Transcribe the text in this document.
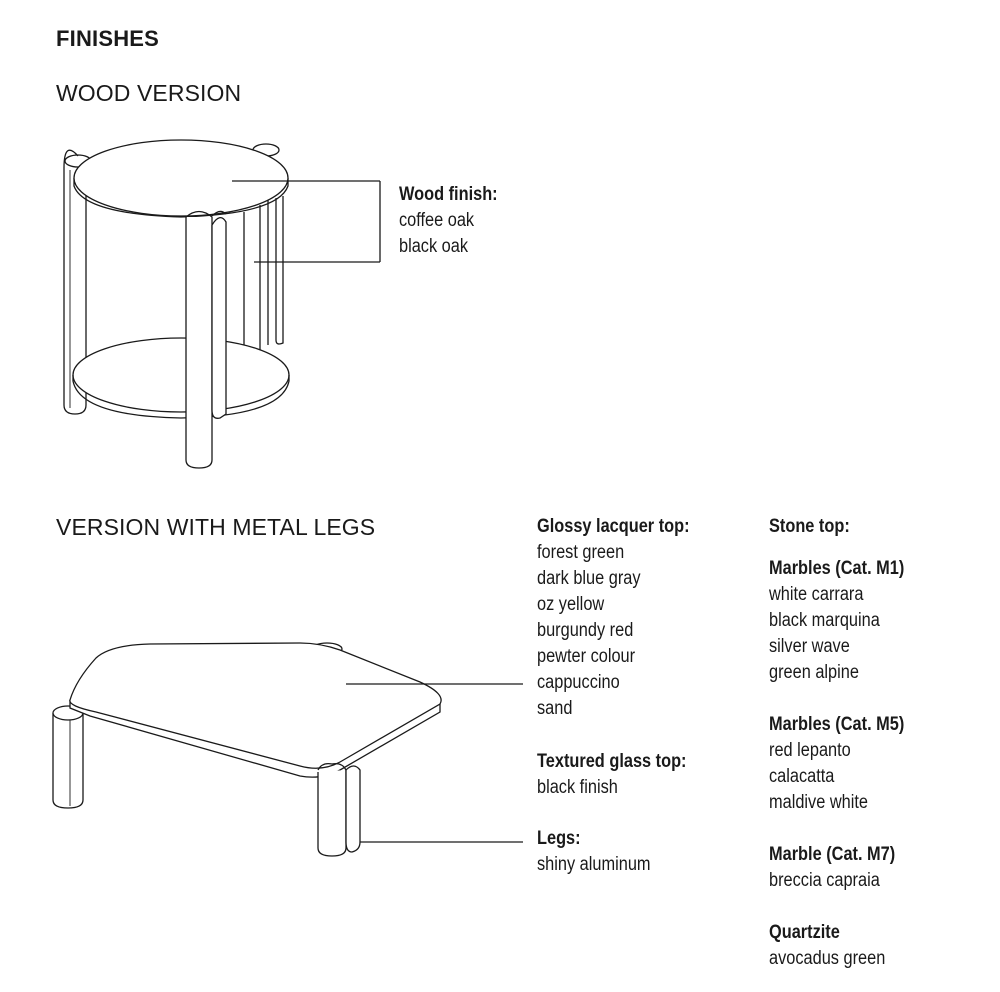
FINISHES
WOOD VERSION
Wood finish:
coffee oak
black oak
VERSION WITH METAL LEGS	Glossy lacquer top:
forest green
dark blue gray
oz yellow
burgundy red
pewter colour
cappuccino
sand
Textured glass top:
black finish
Legs:
shiny aluminum
Stone top:
Marbles (Cat. M1)
white carrara
black marquina
silver wave
green alpine
Marbles (Cat. M5)
red lepanto
calacatta
maldive white
Marble (Cat. M7)
breccia capraia
Quartzite
avocadus green
